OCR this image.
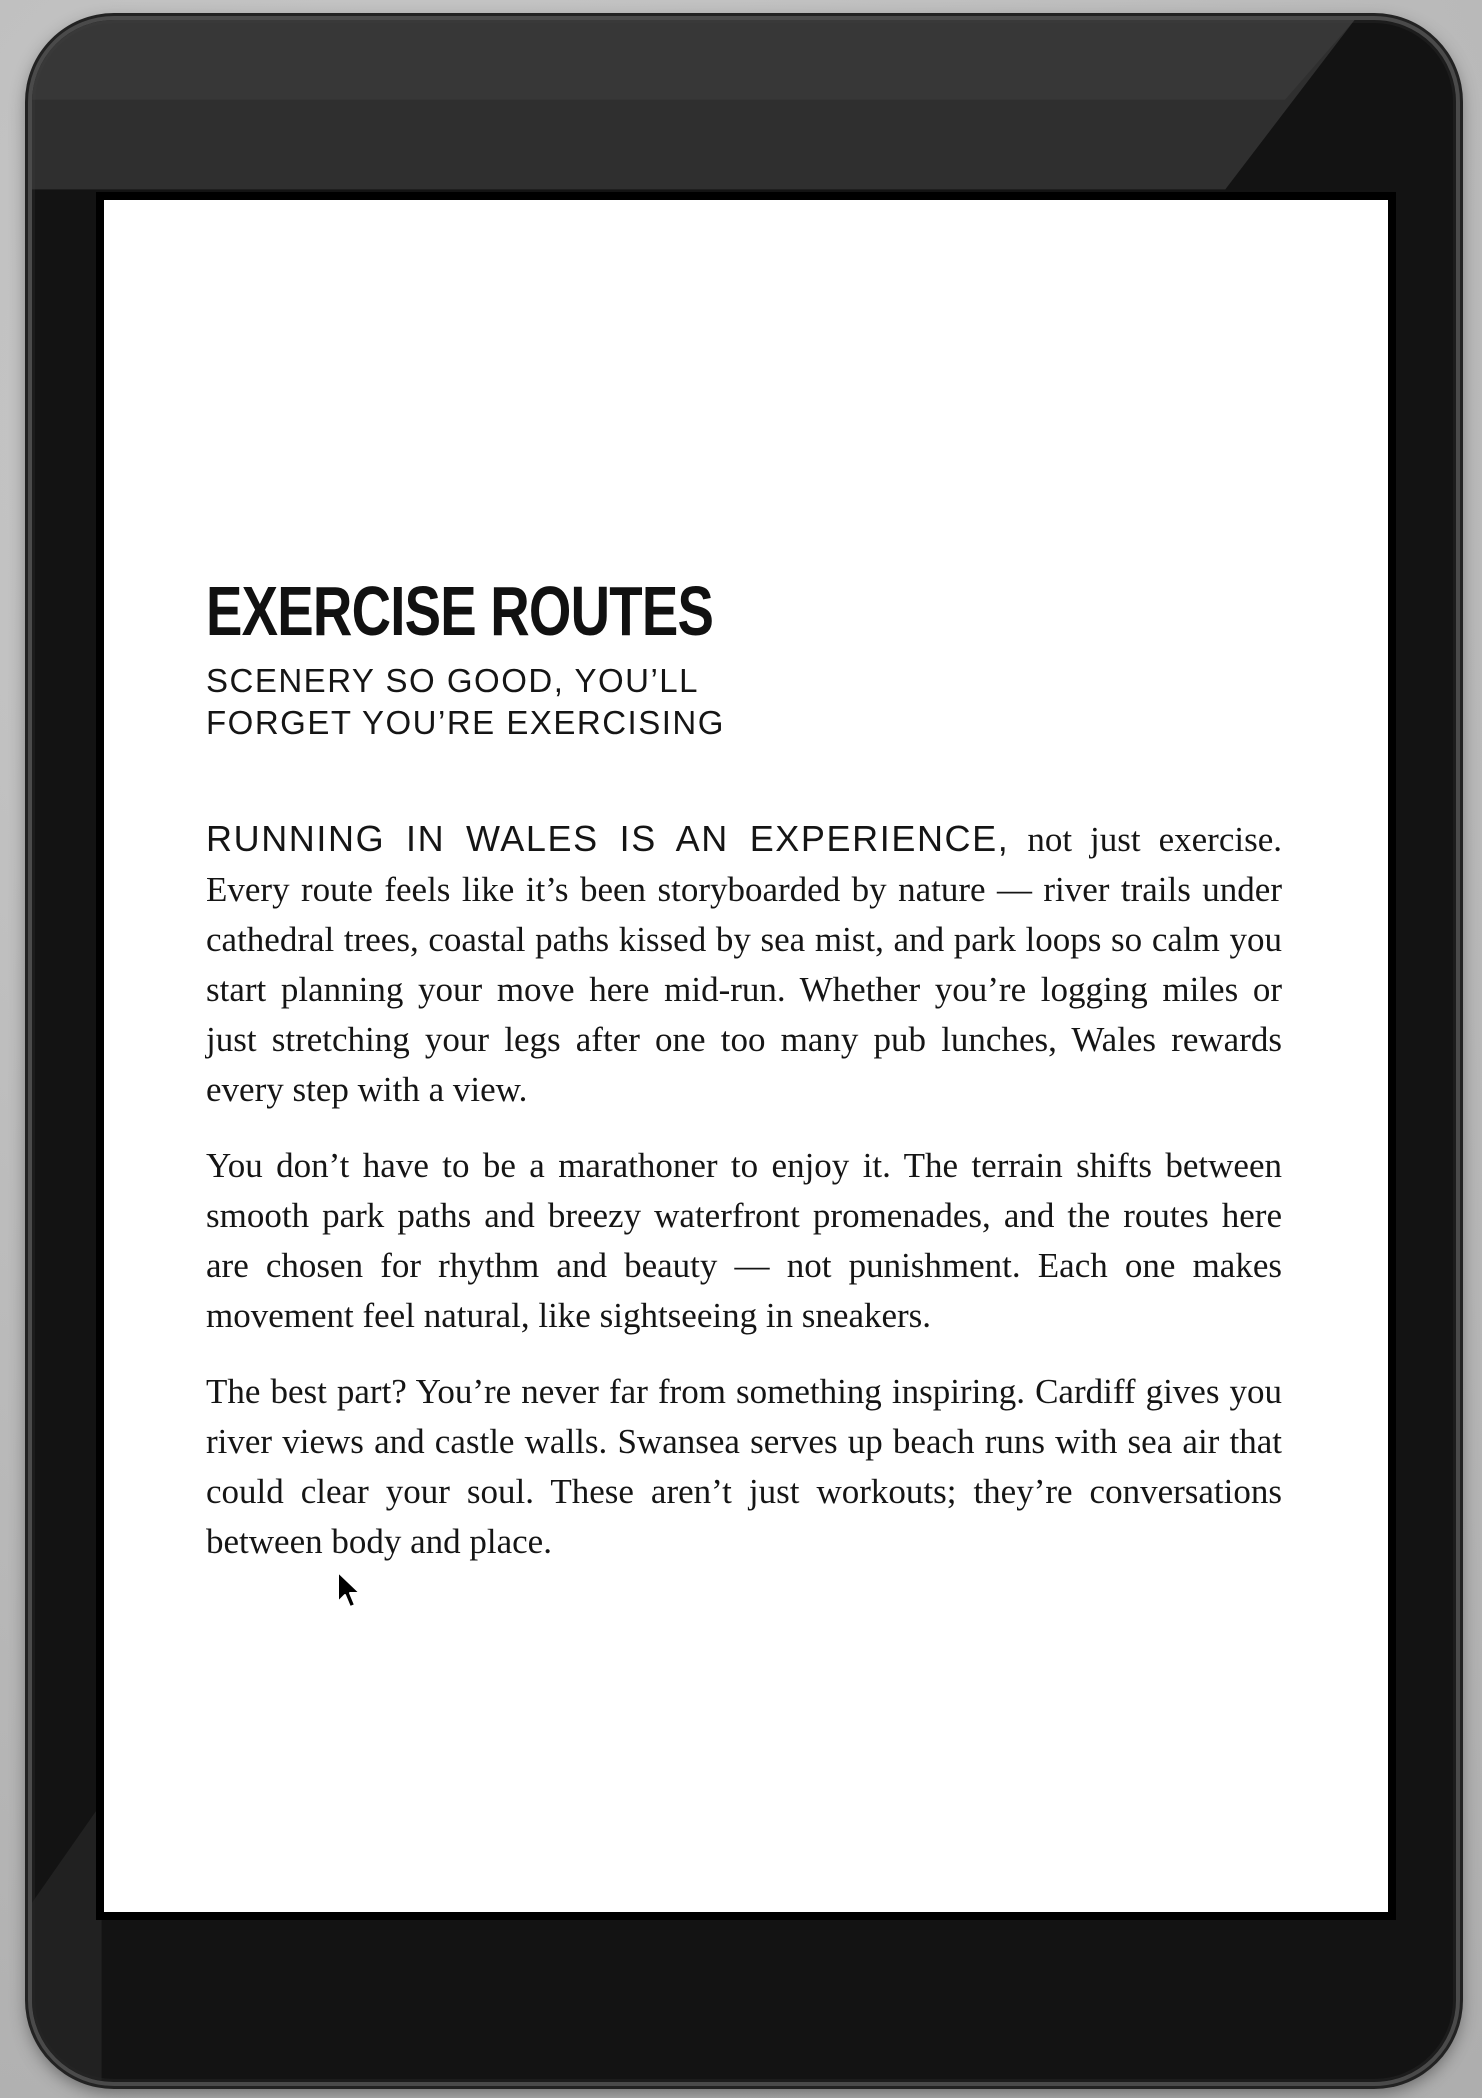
EXERCISE ROUTES
SCENERY SO GOOD, YOU’LL FORGET YOU’RE EXERCISING

RUNNING IN WALES IS AN EXPERIENCE, not just exercise. Every route feels like it’s been storyboarded by nature — river trails under cathedral trees, coastal paths kissed by sea mist, and park loops so calm you start planning your move here mid-run. Whether you’re logging miles or just stretching your legs after one too many pub lunches, Wales rewards every step with a view.

You don’t have to be a marathoner to enjoy it. The terrain shifts between smooth park paths and breezy waterfront promenades, and the routes here are chosen for rhythm and beauty — not punishment. Each one makes movement feel natural, like sightseeing in sneakers.

The best part? You’re never far from something inspiring. Cardiff gives you river views and castle walls. Swansea serves up beach runs with sea air that could clear your soul. These aren’t just workouts; they’re conversations between body and place.
